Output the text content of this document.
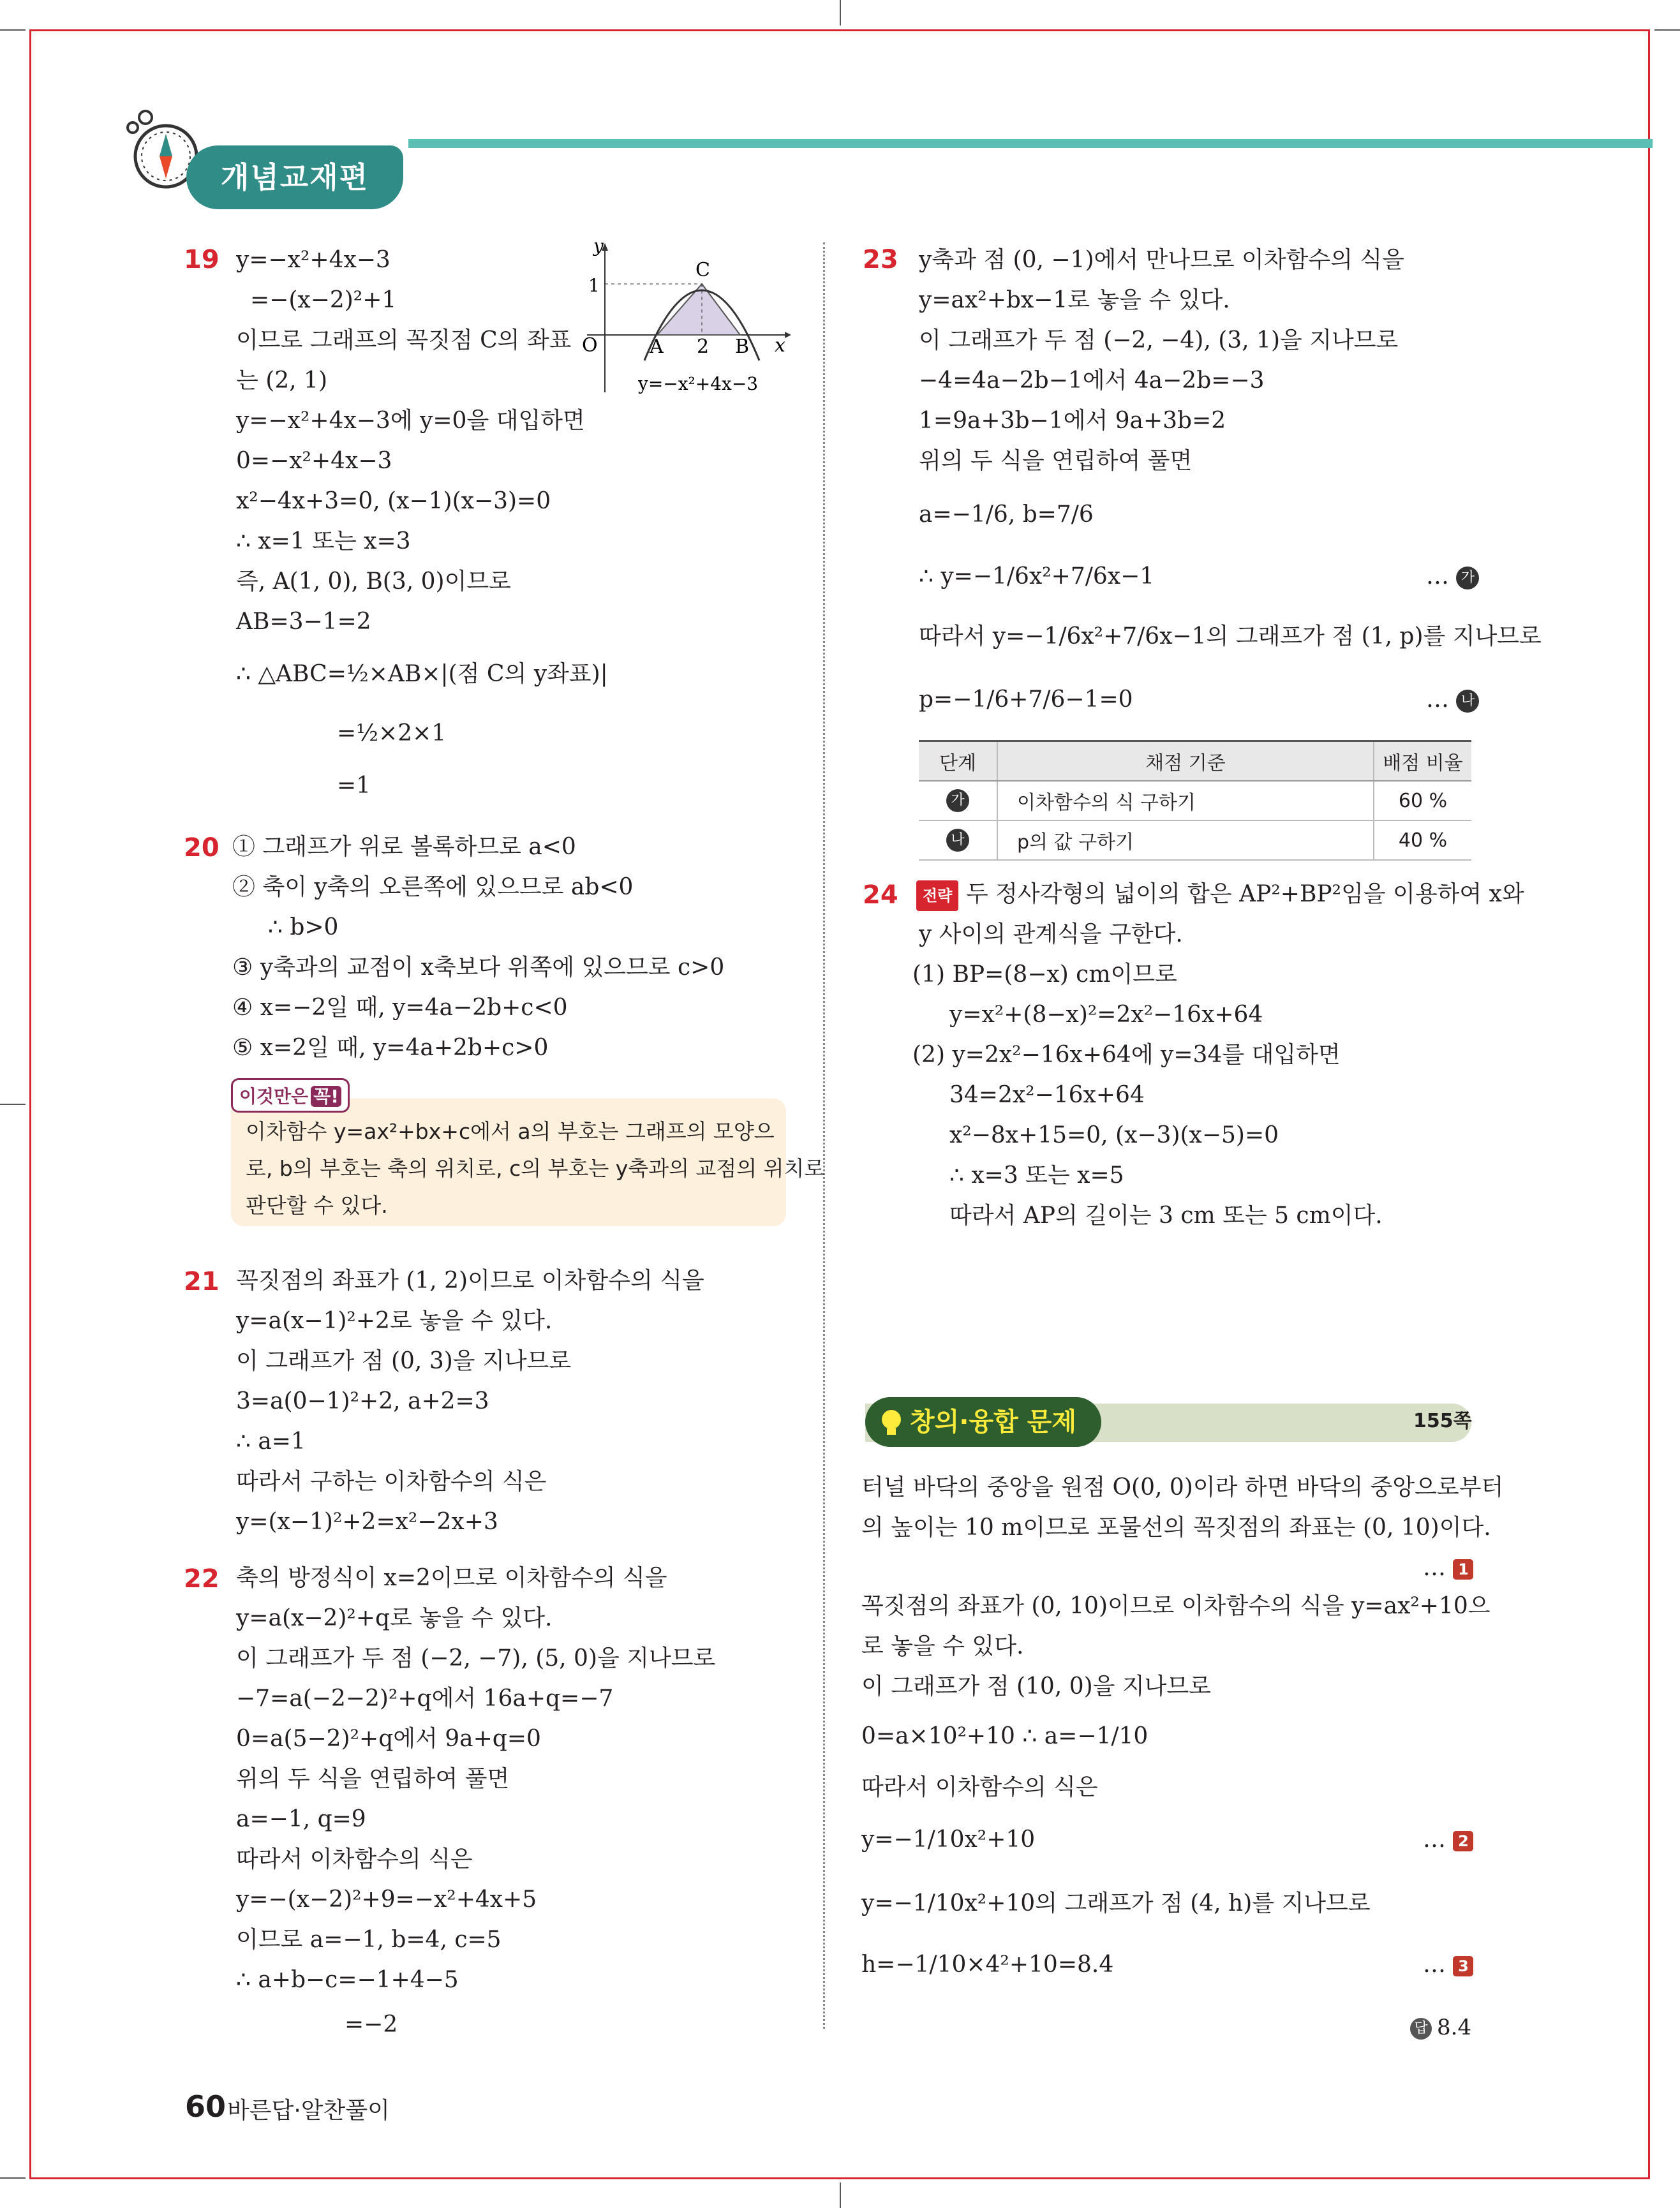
개념교재편
19 y=−x²+4x−3
=−(x−2)²+1
이므로 그래프의 꼭짓점 C의 좌표
는 (2, 1)
y=−x²+4x−3에 y=0을 대입하면
0=−x²+4x−3
x²−4x+3=0, (x−1)(x−3)=0
∴ x=1 또는 x=3
즉, A(1, 0), B(3, 0)이므로
AB=3−1=2
∴ △ABC=½×AB×|(점 C의 y좌표)|
=½×2×1
=1
y
1
C
O	A 2 B x
y=−x²+4x−3
20 ① 그래프가 위로 볼록하므로 a<0
② 축이 y축의 오른쪽에 있으므로 ab<0
∴ b>0
③ y축과의 교점이 x축보다 위쪽에 있으므로 c>0
④ x=−2일 때, y=4a−2b+c<0
⑤ x=2일 때, y=4a+2b+c>0
이것만은 꼭!
이차함수 y=ax²+bx+c에서 a의 부호는 그래프의 모양으
로, b의 부호는 축의 위치로, c의 부호는 y축과의 교점의 위치로
판단할 수 있다.
21 꼭짓점의 좌표가 (1, 2)이므로 이차함수의 식을
y=a(x−1)²+2로 놓을 수 있다.
이 그래프가 점 (0, 3)을 지나므로
3=a(0−1)²+2, a+2=3
∴ a=1
따라서 구하는 이차함수의 식은
y=(x−1)²+2=x²−2x+3
22 축의 방정식이 x=2이므로 이차함수의 식을
y=a(x−2)²+q로 놓을 수 있다.
이 그래프가 두 점 (−2, −7), (5, 0)을 지나므로
−7=a(−2−2)²+q에서 16a+q=−7
0=a(5−2)²+q에서 9a+q=0
위의 두 식을 연립하여 풀면
a=−1, q=9
따라서 이차함수의 식은
y=−(x−2)²+9=−x²+4x+5
이므로 a=−1, b=4, c=5
∴ a+b−c=−1+4−5
=−2
23 y축과 점 (0, −1)에서 만나므로 이차함수의 식을
y=ax²+bx−1로 놓을 수 있다.
이 그래프가 두 점 (−2, −4), (3, 1)을 지나므로
−4=4a−2b−1에서 4a−2b=−3
1=9a+3b−1에서 9a+3b=2
위의 두 식을 연립하여 풀면
a=−1/6, b=7/6
∴ y=−1/6x²+7/6x−1	… 가
따라서 y=−1/6x²+7/6x−1의 그래프가 점 (1, p)를 지나므로
p=−1/6+7/6−1=0	… 나
단계	채점 기준	배점 비율
가	이차함수의 식 구하기	60 %
나	p의 값 구하기	40 %
24	전략 두 정사각형의 넓이의 합은 AP²+BP²임을 이용하여 x와
y 사이의 관계식을 구한다.
(1) BP=(8−x) cm이므로
y=x²+(8−x)²=2x²−16x+64
(2) y=2x²−16x+64에 y=34를 대입하면
34=2x²−16x+64
x²−8x+15=0, (x−3)(x−5)=0
∴ x=3 또는 x=5
따라서 AP의 길이는 3 cm 또는 5 cm이다.
창의·융합 문제	155쪽
터널 바닥의 중앙을 원점 O(0, 0)이라 하면 바닥의 중앙으로부터
의 높이는 10 m이므로 포물선의 꼭짓점의 좌표는 (0, 10)이다.
… 1
꼭짓점의 좌표가 (0, 10)이므로 이차함수의 식을 y=ax²+10으
로 놓을 수 있다.
이 그래프가 점 (10, 0)을 지나므로
0=a×10²+10 ∴ a=−1/10
따라서 이차함수의 식은
y=−1/10x²+10	… 2
y=−1/10x²+10의 그래프가 점 (4, h)를 지나므로
h=−1/10×4²+10=8.4	… 3
답 8.4
60 바른답·알찬풀이
